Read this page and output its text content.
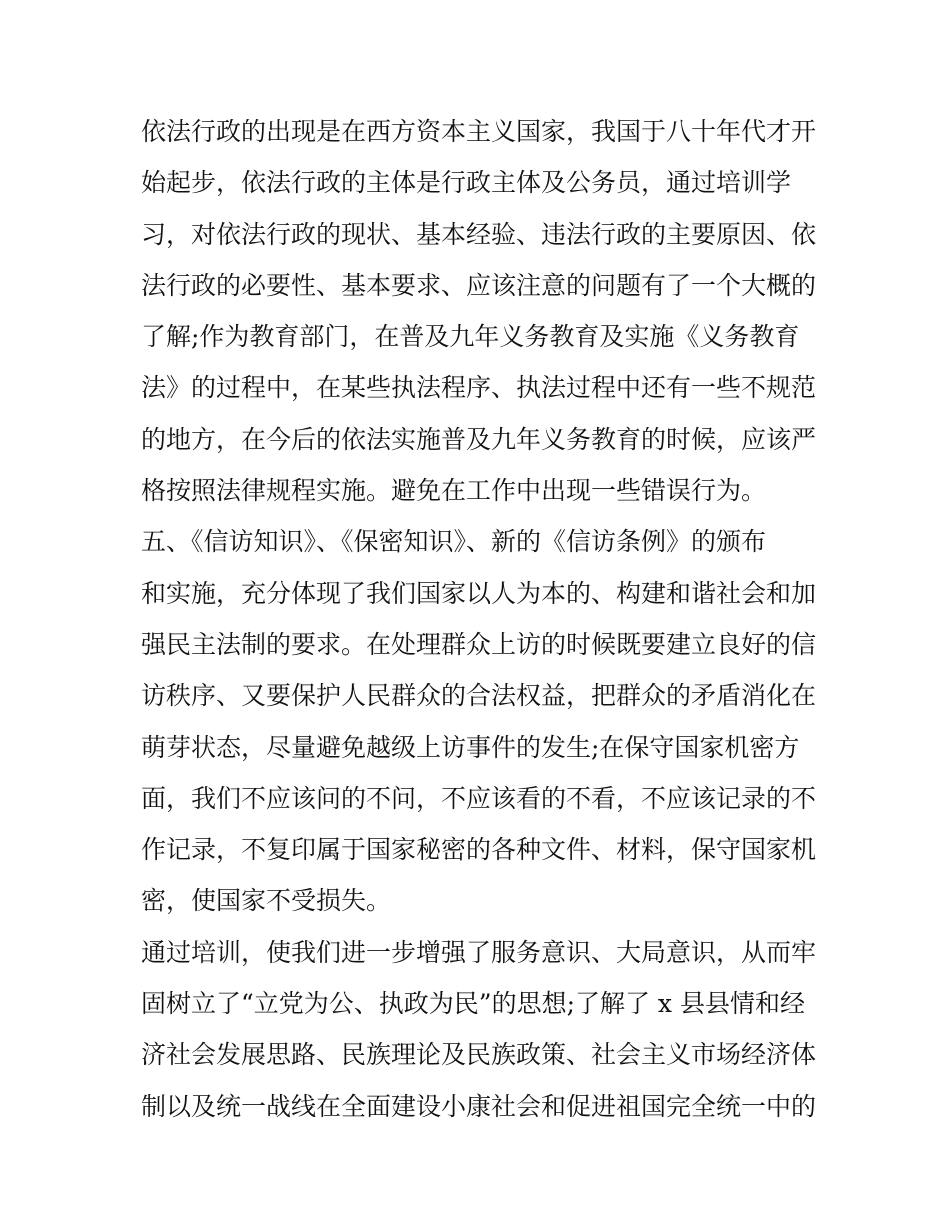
依法行政的出现是在西方资本主义国家，我国于八十年代才开
始起步，依法行政的主体是行政主体及公务员，通过培训学
习，对依法行政的现状、基本经验、违法行政的主要原因、依
法行政的必要性、基本要求、应该注意的问题有了一个大概的
了解;作为教育部门，在普及九年义务教育及实施《义务教育
法》的过程中，在某些执法程序、执法过程中还有一些不规范
的地方，在今后的依法实施普及九年义务教育的时候，应该严
格按照法律规程实施。避免在工作中出现一些错误行为。
五、《信访知识》、《保密知识》、新的《信访条例》的颁布
和实施，充分体现了我们国家以人为本的、构建和谐社会和加
强民主法制的要求。在处理群众上访的时候既要建立良好的信
访秩序、又要保护人民群众的合法权益，把群众的矛盾消化在
萌芽状态，尽量避免越级上访事件的发生;在保守国家机密方
面，我们不应该问的不问，不应该看的不看，不应该记录的不
作记录，不复印属于国家秘密的各种文件、材料，保守国家机
密，使国家不受损失。
通过培训，使我们进一步增强了服务意识、大局意识，从而牢
固树立了“立党为公、执政为民”的思想;了解了 x 县县情和经
济社会发展思路、民族理论及民族政策、社会主义市场经济体
制以及统一战线在全面建设小康社会和促进祖国完全统一中的
